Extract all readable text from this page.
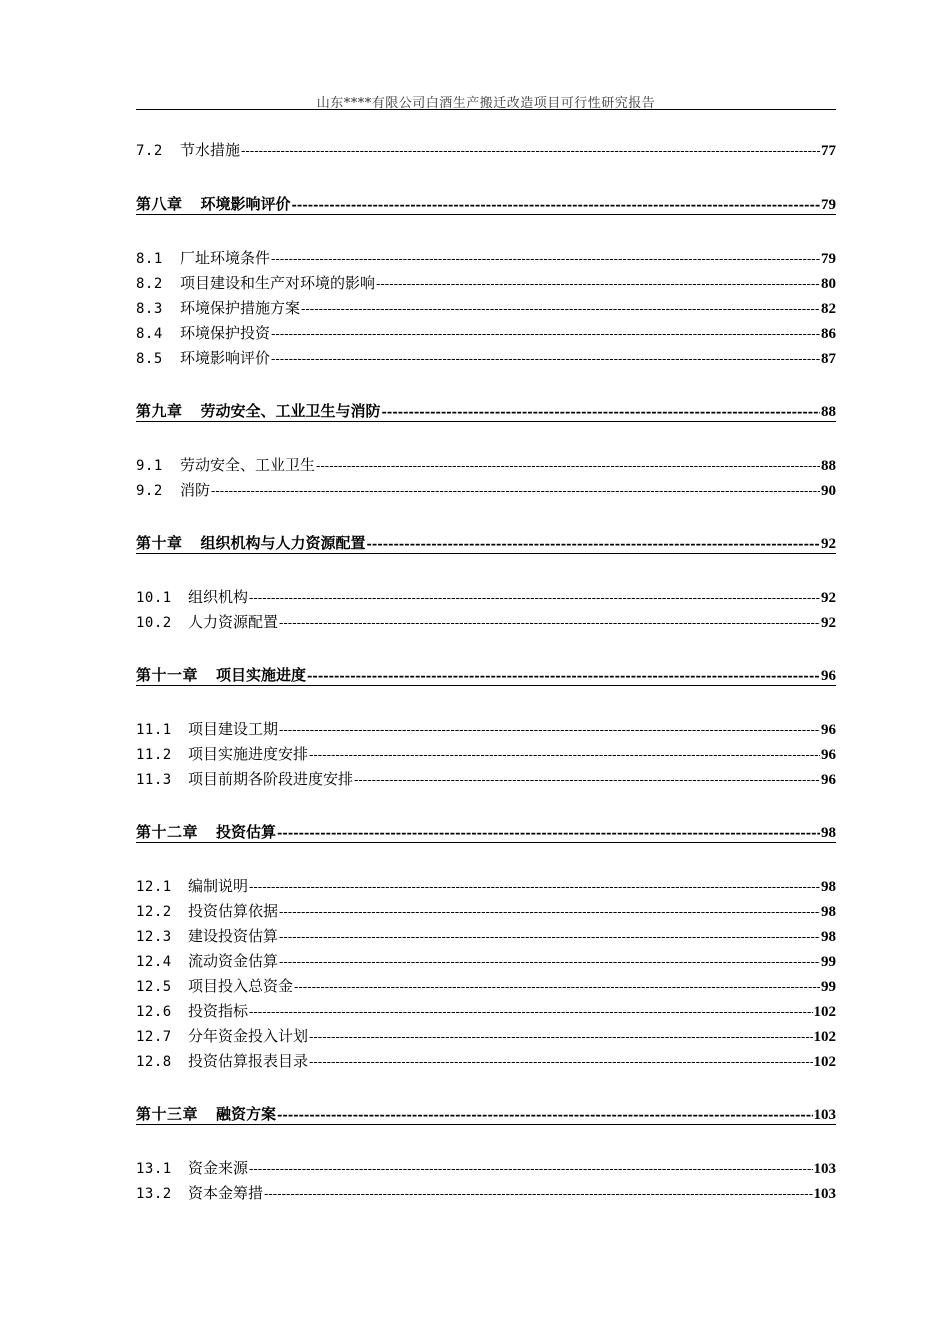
山东****有限公司白酒生产搬迁改造项目可行性研究报告
7.2	节水措施 -----	77
第八章 环境影响评价 -----	79
8.1	厂址环境条件 -----	79
8.2	项目建设和生产对环境的影响 -----	80
8.3	环境保护措施方案 -----	82
8.4	环境保护投资 -----	86
8.5	环境影响评价 -----	87
第九章 劳动安全、工业卫生与消防 -----	88
9.1	劳动安全、工业卫生 -----	88
9.2	消防 -----	90
第十章 组织机构与人力资源配置 -----	92
10.1	组织机构 -----	92
10.2	人力资源配置 -----	92
第十一章 项目实施进度 -----	96
11.1	项目建设工期 -----	96
11.2	项目实施进度安排 -----	96
11.3	项目前期各阶段进度安排 -----	96
第十二章 投资估算 -----	98
12.1	编制说明 -----	98
12.2	投资估算依据 -----	98
12.3	建设投资估算 -----	98
12.4	流动资金估算 -----	99
12.5	项目投入总资金 -----	99
12.6	投资指标 -----	102
12.7	分年资金投入计划 -----	102
12.8	投资估算报表目录 -----	102
第十三章 融资方案 -----	103
13.1	资金来源 -----	103
13.2	资本金筹措 -----	103
